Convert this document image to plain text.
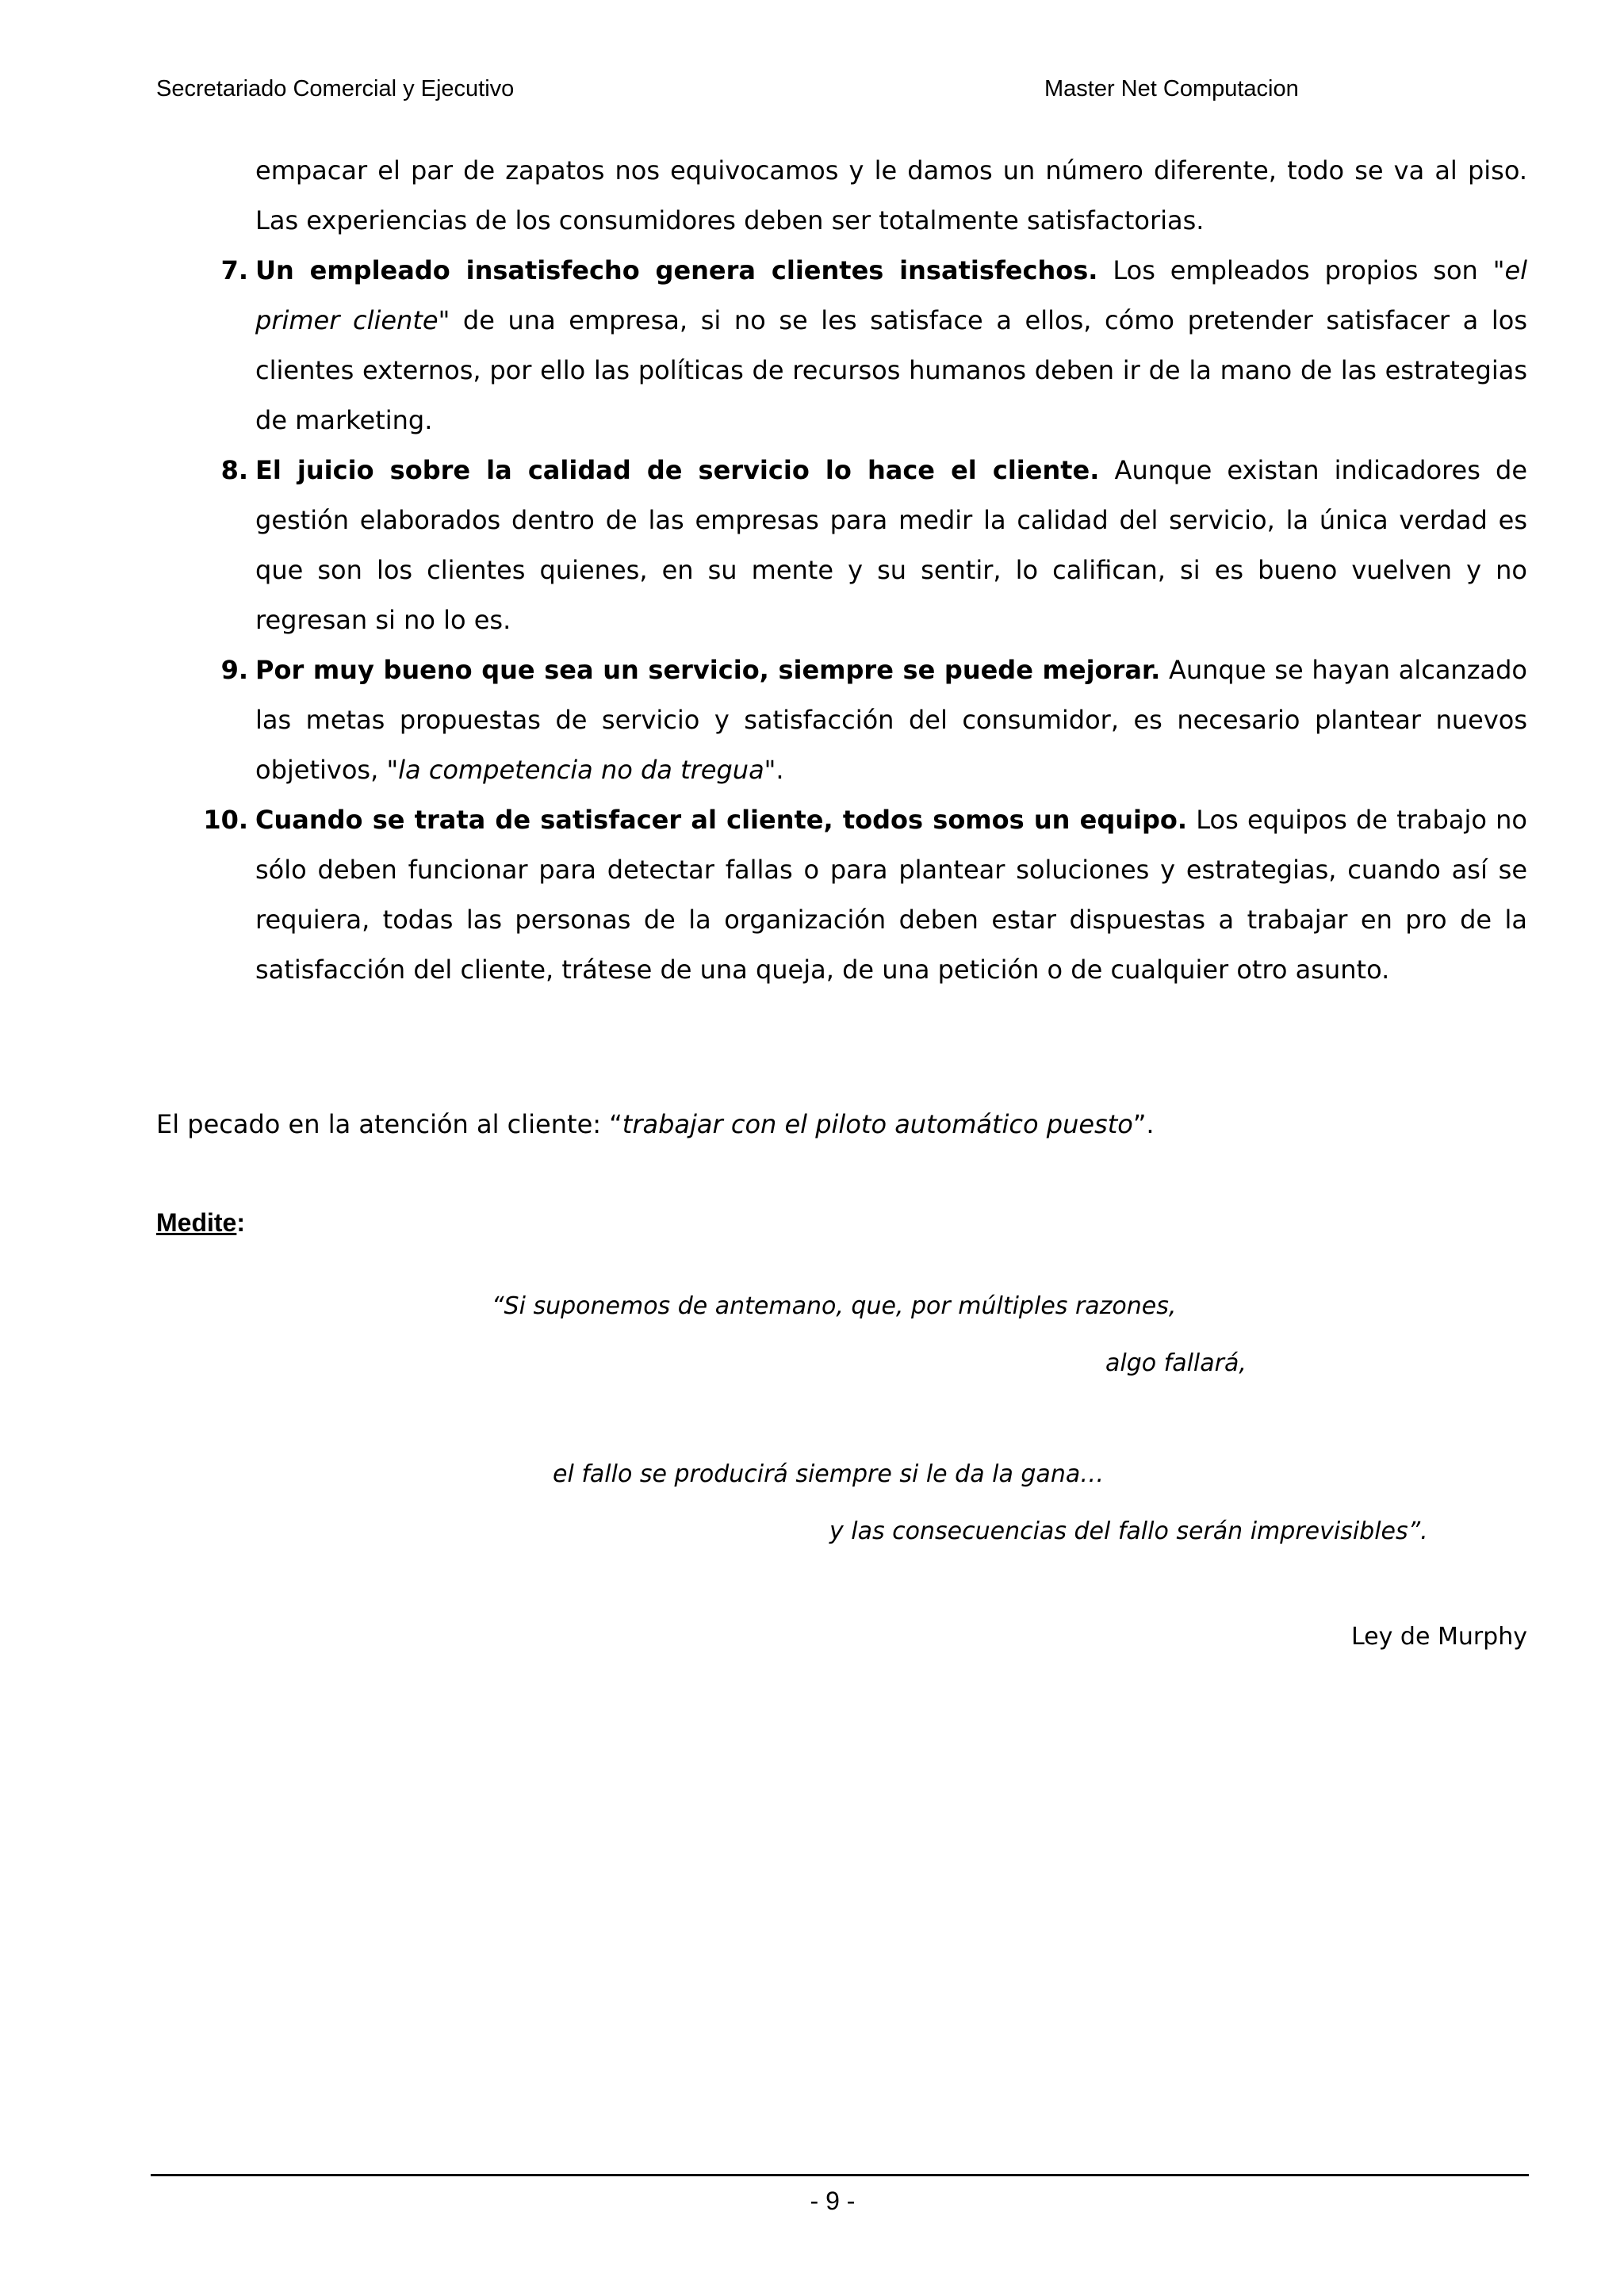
Secretariado Comercial y Ejecutivo	Master Net Computacion
empacar el par de zapatos nos equivocamos y le damos un número diferente, todo se va al piso. Las experiencias de los consumidores deben ser totalmente satisfactorias.
7. Un empleado insatisfecho genera clientes insatisfechos. Los empleados propios son "el primer cliente" de una empresa, si no se les satisface a ellos, cómo pretender satisfacer a los clientes externos, por ello las políticas de recursos humanos deben ir de la mano de las estrategias de marketing.
8. El juicio sobre la calidad de servicio lo hace el cliente. Aunque existan indicadores de gestión elaborados dentro de las empresas para medir la calidad del servicio, la única verdad es que son los clientes quienes, en su mente y su sentir, lo califican, si es bueno vuelven y no regresan si no lo es.
9. Por muy bueno que sea un servicio, siempre se puede mejorar. Aunque se hayan alcanzado las metas propuestas de servicio y satisfacción del consumidor, es necesario plantear nuevos objetivos, "la competencia no da tregua".
10. Cuando se trata de satisfacer al cliente, todos somos un equipo. Los equipos de trabajo no sólo deben funcionar para detectar fallas o para plantear soluciones y estrategias, cuando así se requiera, todas las personas de la organización deben estar dispuestas a trabajar en pro de la satisfacción del cliente, trátese de una queja, de una petición o de cualquier otro asunto.
El pecado en la atención al cliente: “trabajar con el piloto automático puesto”.
Medite:
“Si suponemos de antemano, que, por múltiples razones,
algo fallará,
el fallo se producirá siempre si le da la gana…
y las consecuencias del fallo serán imprevisibles”.
Ley de Murphy
- 9 -
